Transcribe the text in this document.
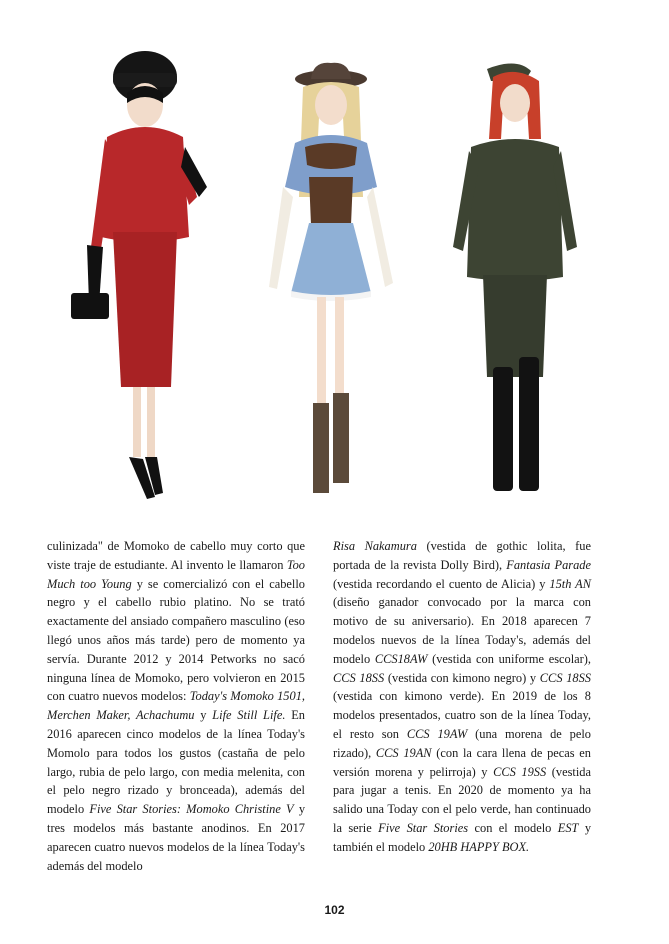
culinizada" de Momoko de cabello muy corto que viste traje de estudiante. Al invento le llamaron Too Much too Young y se comercializó con el cabello negro y el cabello rubio platino. No se trató exactamente del ansiado compañero masculino (eso llegó unos años más tarde) pero de momento ya servía. Durante 2012 y 2014 Petworks no sacó ninguna línea de Momoko, pero volvieron en 2015 con cuatro nuevos modelos: Today's Momoko 1501, Merchen Maker, Achachumu y Life Still Life. En 2016 aparecen cinco modelos de la línea Today's Momolo para todos los gustos (castaña de pelo largo, rubia de pelo largo, con media melenita, con el pelo negro rizado y bronceada), además del modelo Five Star Stories: Momoko Christine V y tres modelos más bastante anodinos. En 2017 aparecen cuatro nuevos modelos de la línea Today's además del modelo

Risa Nakamura (vestida de gothic lolita, fue portada de la revista Dolly Bird), Fantasia Parade (vestida recordando el cuento de Alicia) y 15th AN (diseño ganador convocado por la marca con motivo de su aniversario). En 2018 aparecen 7 modelos nuevos de la línea Today's, además del modelo CCS18AW (vestida con uniforme escolar), CCS 18SS (vestida con kimono negro) y CCS 18SS (vestida con kimono verde). En 2019 de los 8 modelos presentados, cuatro son de la línea Today, el resto son CCS 19AW (una morena de pelo rizado), CCS 19AN (con la cara llena de pecas en versión morena y pelirroja) y CCS 19SS (vestida para jugar a tenis. En 2020 de momento ya ha salido una Today con el pelo verde, han continuado la serie Five Star Stories con el modelo EST y también el modelo 20HB HAPPY BOX.

102
